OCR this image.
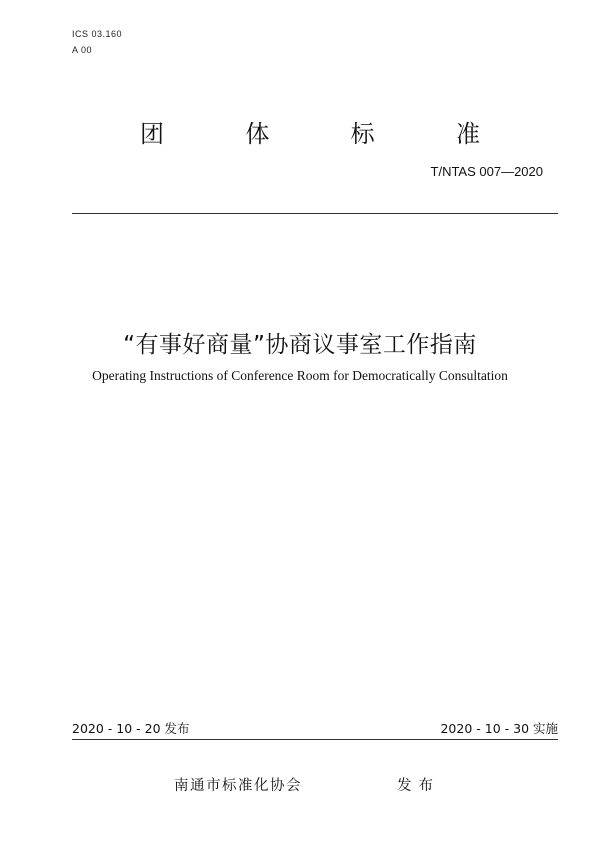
ICS 03.160
A 00
团	体	标	准
T/NTAS 007—2020
“有事好商量”协商议事室工作指南
Operating Instructions of Conference Room for Democratically Consultation
2020 - 10 - 20 发布	2020 - 10 - 30 实施
南通市标准化协会	发布
